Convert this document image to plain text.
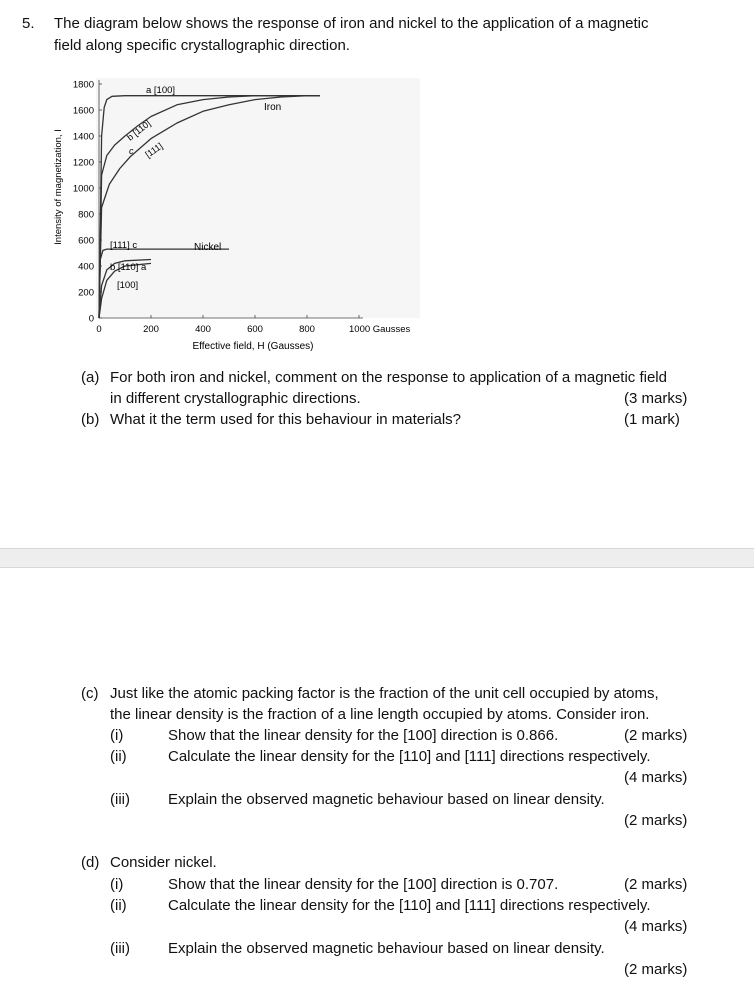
5. The diagram below shows the response of iron and nickel to the application of a magnetic
field along specific crystallographic direction.
0
200
400
600
800
1000
1200
1400
1600
1800
0	200	400	600	800	1000 Gausses
Intensity of magnetization, I
Effective field, H (Gausses)
Iron
Nickel
a [100]
b [110]
c [111]
[111] c
b [110] a
[100]
(a) For both iron and nickel, comment on the response to application of a magnetic field
in different crystallographic directions.	(3 marks)
(b) What it the term used for this behaviour in materials?	(1 mark)
(c) Just like the atomic packing factor is the fraction of the unit cell occupied by atoms,
the linear density is the fraction of a line length occupied by atoms. Consider iron.
(i)	Show that the linear density for the [100] direction is 0.866.	(2 marks)
(ii)	Calculate the linear density for the [110] and [111] directions respectively.
(4 marks)
(iii)	Explain the observed magnetic behaviour based on linear density.
(2 marks)
(d) Consider nickel.
(i)	Show that the linear density for the [100] direction is 0.707.	(2 marks)
(ii)	Calculate the linear density for the [110] and [111] directions respectively.
(4 marks)
(iii)	Explain the observed magnetic behaviour based on linear density.
(2 marks)
